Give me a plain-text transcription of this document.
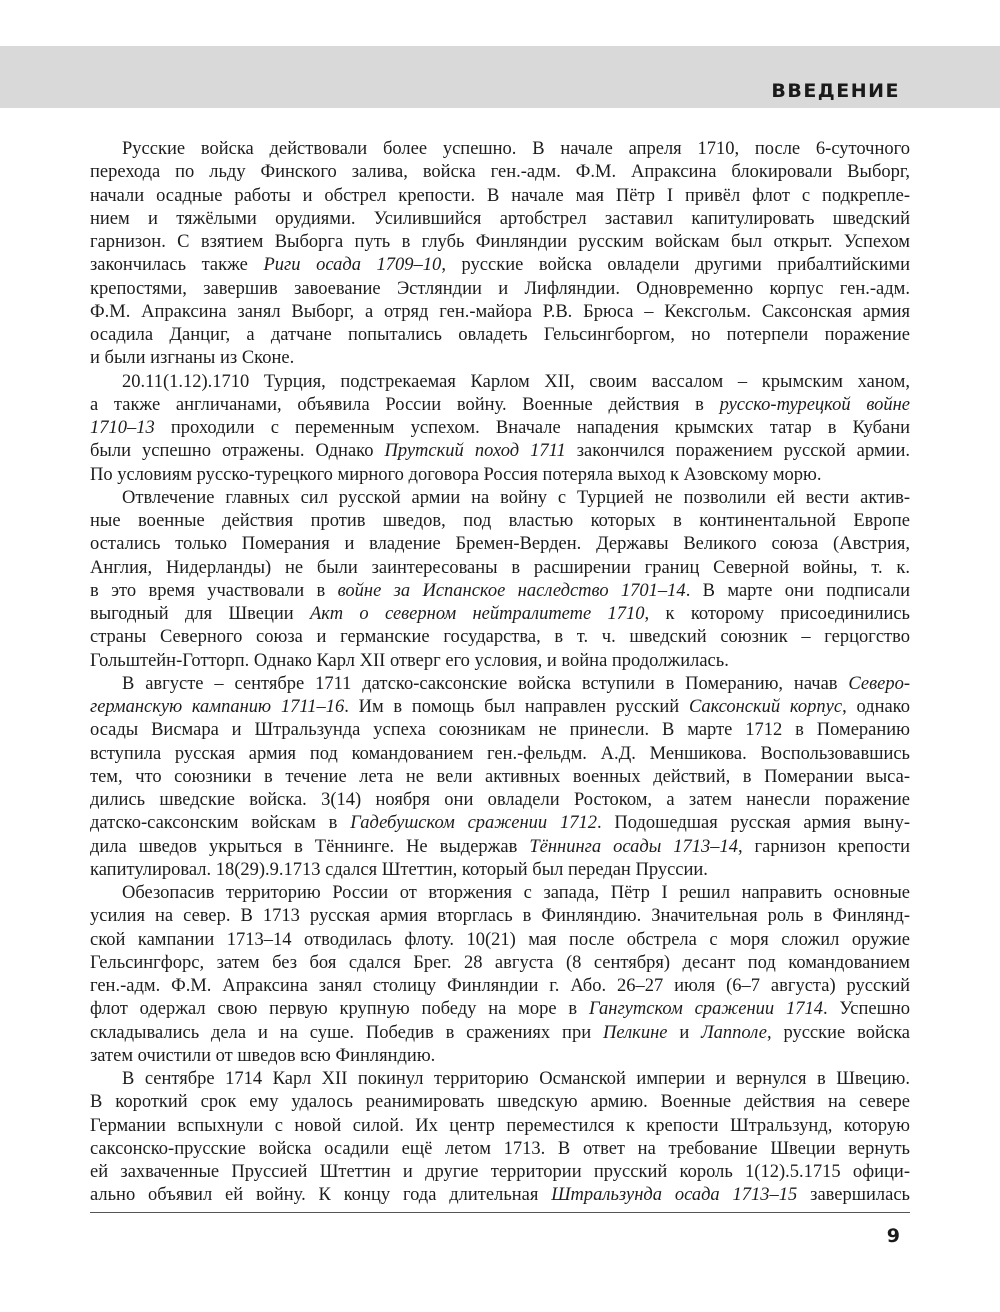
ВВЕДЕНИЕ
Русские войска действовали более успешно. В начале апреля 1710, после 6-суточного
перехода по льду Финского залива, войска ген.-адм. Ф.М. Апраксина блокировали Выборг,
начали осадные работы и обстрел крепости. В начале мая Пётр I привёл флот с подкрепле-
нием и тяжёлыми орудиями. Усилившийся артобстрел заставил капитулировать шведский
гарнизон. С взятием Выборга путь в глубь Финляндии русским войскам был открыт. Успехом
закончилась также Риги осада 1709–10, русские войска овладели другими прибалтийскими
крепостями, завершив завоевание Эстляндии и Лифляндии. Одновременно корпус ген.-адм.
Ф.М. Апраксина занял Выборг, а отряд ген.-майора Р.В. Брюса – Кексгольм. Саксонская армия
осадила Данциг, а датчане попытались овладеть Гельсингборгом, но потерпели поражение
и были изгнаны из Сконе.
20.11(1.12).1710 Турция, подстрекаемая Карлом XII, своим вассалом – крымским ханом,
а также англичанами, объявила России войну. Военные действия в русско-турецкой войне
1710–13 проходили с переменным успехом. Вначале нападения крымских татар в Кубани
были успешно отражены. Однако Прутский поход 1711 закончился поражением русской армии.
По условиям русско-турецкого мирного договора Россия потеряла выход к Азовскому морю.
Отвлечение главных сил русской армии на войну с Турцией не позволили ей вести актив-
ные военные действия против шведов, под властью которых в континентальной Европе
остались только Померания и владение Бремен-Верден. Державы Великого союза (Австрия,
Англия, Нидерланды) не были заинтересованы в расширении границ Северной войны, т. к.
в это время участвовали в войне за Испанское наследство 1701–14. В марте они подписали
выгодный для Швеции Акт о северном нейтралитете 1710, к которому присоединились
страны Северного союза и германские государства, в т. ч. шведский союзник – герцогство
Гольштейн-Готторп. Однако Карл XII отверг его условия, и война продолжилась.
В августе – сентябре 1711 датско-саксонские войска вступили в Померанию, начав Северо-
германскую кампанию 1711–16. Им в помощь был направлен русский Саксонский корпус, однако
осады Висмара и Штральзунда успеха союзникам не принесли. В марте 1712 в Померанию
вступила русская армия под командованием ген.-фельдм. А.Д. Меншикова. Воспользовавшись
тем, что союзники в течение лета не вели активных военных действий, в Померании выса-
дились шведские войска. 3(14) ноября они овладели Ростоком, а затем нанесли поражение
датско-саксонским войскам в Гадебушском сражении 1712. Подошедшая русская армия выну-
дила шведов укрыться в Тённинге. Не выдержав Тённинга осады 1713–14, гарнизон крепости
капитулировал. 18(29).9.1713 сдался Штеттин, который был передан Пруссии.
Обезопасив территорию России от вторжения с запада, Пётр I решил направить основные
усилия на север. В 1713 русская армия вторглась в Финляндию. Значительная роль в Финлянд-
ской кампании 1713–14 отводилась флоту. 10(21) мая после обстрела с моря сложил оружие
Гельсингфорс, затем без боя сдался Брег. 28 августа (8 сентября) десант под командованием
ген.-адм. Ф.М. Апраксина занял столицу Финляндии г. Або. 26–27 июля (6–7 августа) русский
флот одержал свою первую крупную победу на море в Гангутском сражении 1714. Успешно
складывались дела и на суше. Победив в сражениях при Пелкине и Лапполе, русские войска
затем очистили от шведов всю Финляндию.
В сентябре 1714 Карл XII покинул территорию Османской империи и вернулся в Швецию.
В короткий срок ему удалось реанимировать шведскую армию. Военные действия на севере
Германии вспыхнули с новой силой. Их центр переместился к крепости Штральзунд, которую
саксонско-прусские войска осадили ещё летом 1713. В ответ на требование Швеции вернуть
ей захваченные Пруссией Штеттин и другие территории прусский король 1(12).5.1715 офици-
ально объявил ей войну. К концу года длительная Штральзунда осада 1713–15 завершилась
9
